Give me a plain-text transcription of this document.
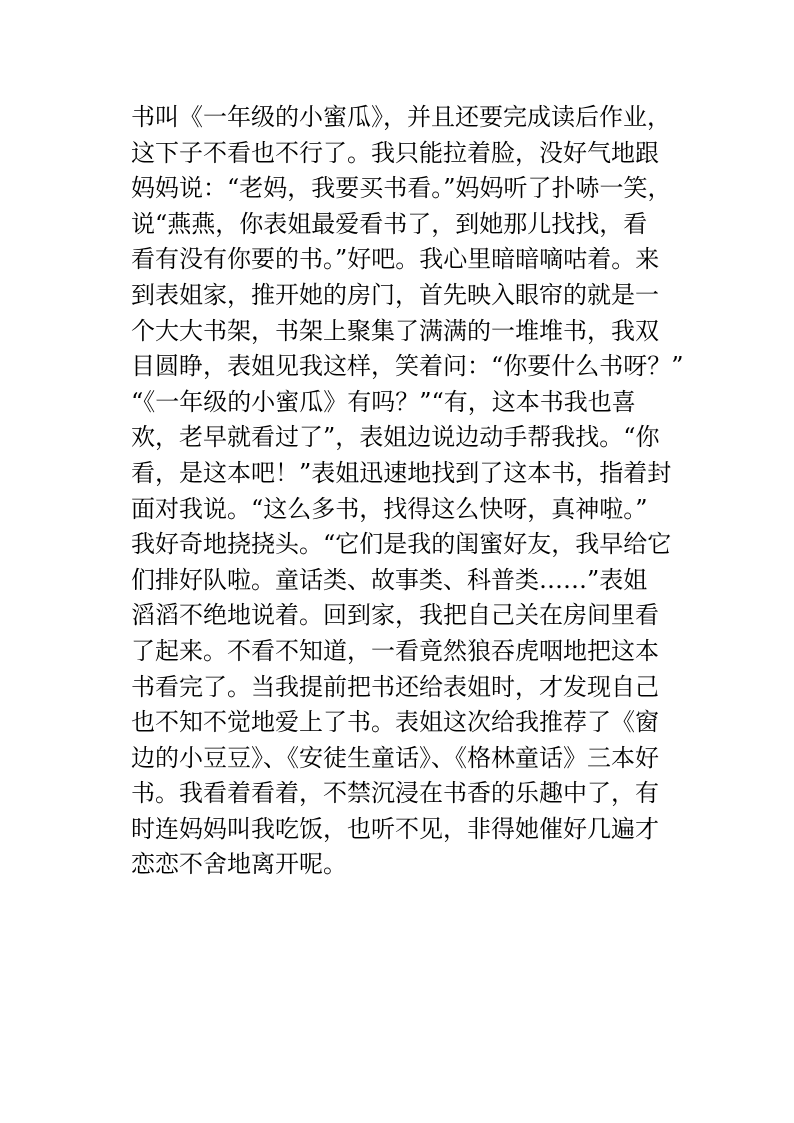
书叫《一年级的小蜜瓜》，并且还要完成读后作业，
这下子不看也不行了。我只能拉着脸，没好气地跟
妈妈说：“老妈，我要买书看。”妈妈听了扑哧一笑，
说“燕燕，你表姐最爱看书了，到她那儿找找，看
看有没有你要的书。”好吧。我心里暗暗嘀咕着。来
到表姐家，推开她的房门，首先映入眼帘的就是一
个大大书架，书架上聚集了满满的一堆堆书，我双
目圆睁，表姐见我这样，笑着问：“你要什么书呀？”
“《一年级的小蜜瓜》有吗？”“有，这本书我也喜
欢，老早就看过了”，表姐边说边动手帮我找。“你
看，是这本吧！”表姐迅速地找到了这本书，指着封
面对我说。“这么多书，找得这么快呀，真神啦。”
我好奇地挠挠头。“它们是我的闺蜜好友，我早给它
们排好队啦。童话类、故事类、科普类……”表姐
滔滔不绝地说着。回到家，我把自己关在房间里看
了起来。不看不知道，一看竟然狼吞虎咽地把这本
书看完了。当我提前把书还给表姐时，才发现自己
也不知不觉地爱上了书。表姐这次给我推荐了《窗
边的小豆豆》、《安徒生童话》、《格林童话》三本好
书。我看着看着，不禁沉浸在书香的乐趣中了，有
时连妈妈叫我吃饭，也听不见，非得她催好几遍才
恋恋不舍地离开呢。
